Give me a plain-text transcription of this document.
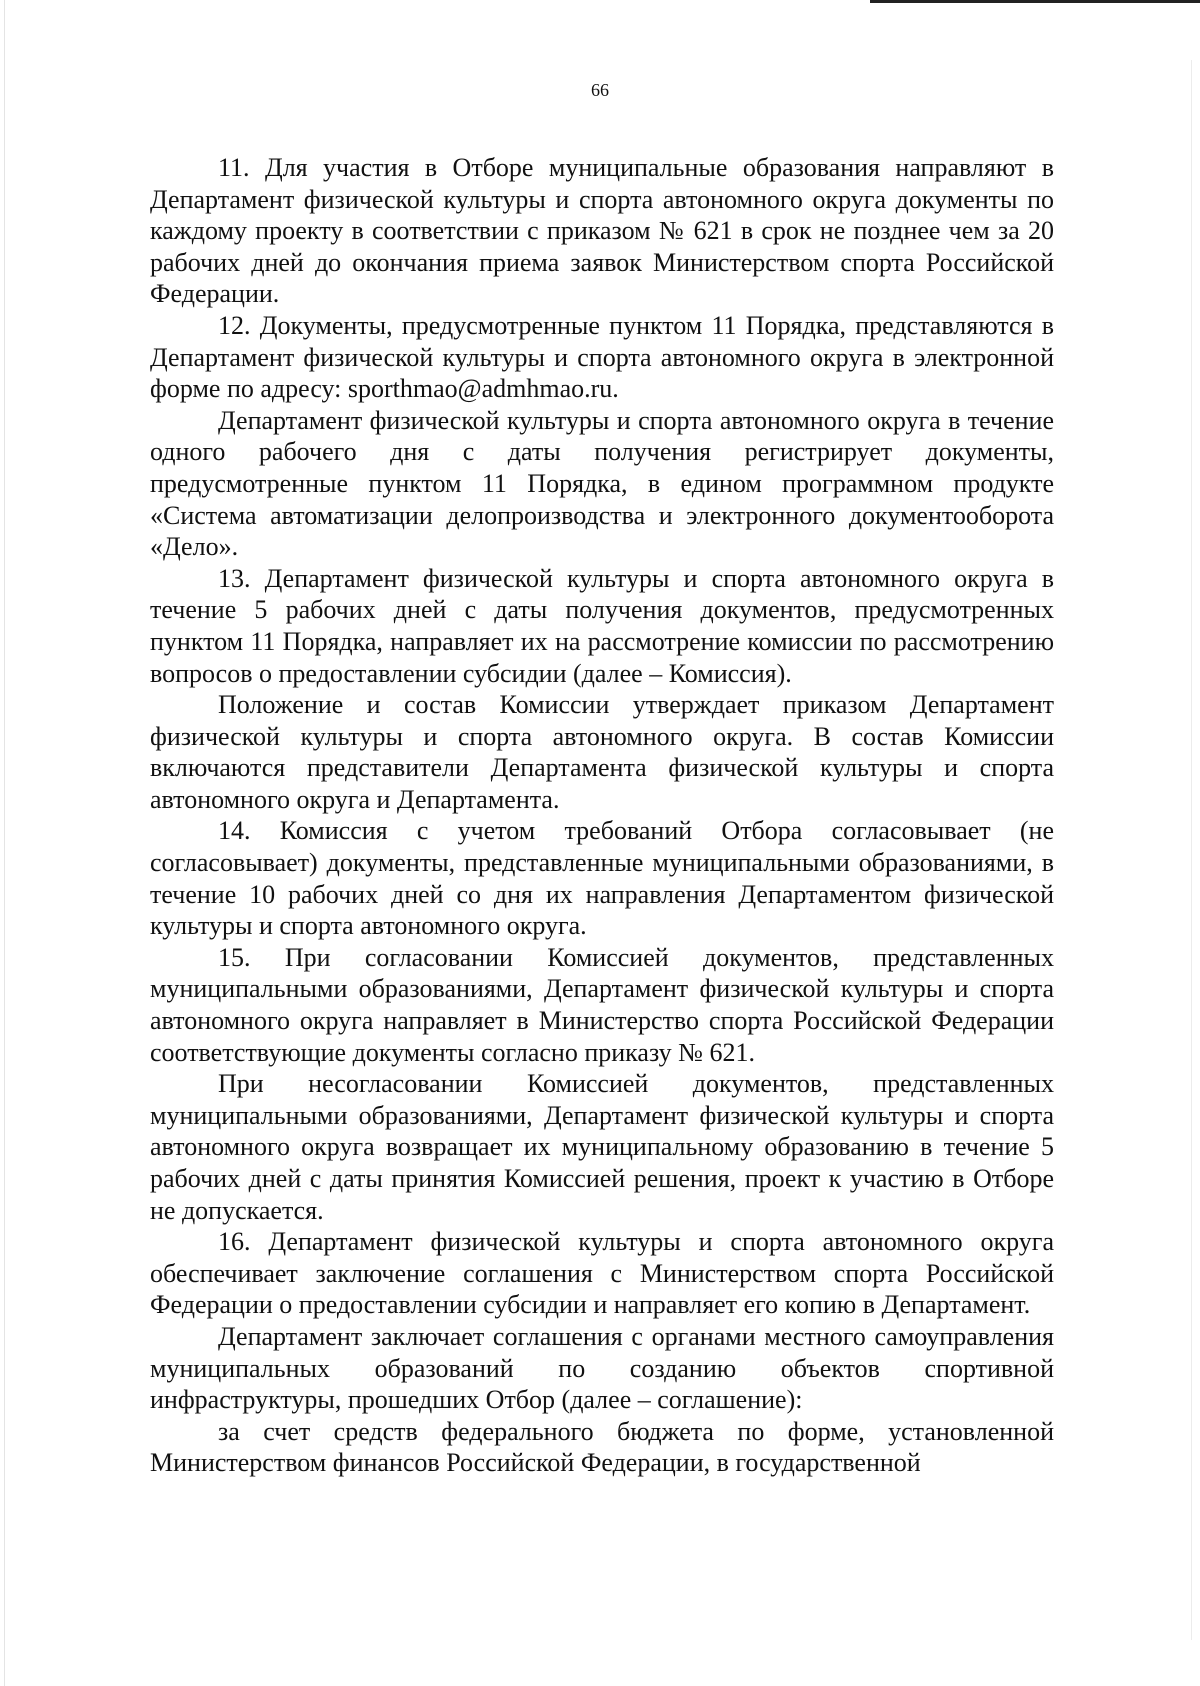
66

11. Для участия в Отборе муниципальные образования направляют в Департамент физической культуры и спорта автономного округа документы по каждому проекту в соответствии с приказом № 621 в срок не позднее чем за 20 рабочих дней до окончания приема заявок Министерством спорта Российской Федерации.

12. Документы, предусмотренные пунктом 11 Порядка, представляются в Департамент физической культуры и спорта автономного округа в электронной форме по адресу: sporthmao@admhmao.ru.

Департамент физической культуры и спорта автономного округа в течение одного рабочего дня с даты получения регистрирует документы, предусмотренные пунктом 11 Порядка, в едином программном продукте «Система автоматизации делопроизводства и электронного документооборота «Дело».

13. Департамент физической культуры и спорта автономного округа в течение 5 рабочих дней с даты получения документов, предусмотренных пунктом 11 Порядка, направляет их на рассмотрение комиссии по рассмотрению вопросов о предоставлении субсидии (далее – Комиссия).

Положение и состав Комиссии утверждает приказом Департамент физической культуры и спорта автономного округа. В состав Комиссии включаются представители Департамента физической культуры и спорта автономного округа и Департамента.

14. Комиссия с учетом требований Отбора согласовывает (не согласовывает) документы, представленные муниципальными образованиями, в течение 10 рабочих дней со дня их направления Департаментом физической культуры и спорта автономного округа.

15. При согласовании Комиссией документов, представленных муниципальными образованиями, Департамент физической культуры и спорта автономного округа направляет в Министерство спорта Российской Федерации соответствующие документы согласно приказу № 621.

При несогласовании Комиссией документов, представленных муниципальными образованиями, Департамент физической культуры и спорта автономного округа возвращает их муниципальному образованию в течение 5 рабочих дней с даты принятия Комиссией решения, проект к участию в Отборе не допускается.

16. Департамент физической культуры и спорта автономного округа обеспечивает заключение соглашения с Министерством спорта Российской Федерации о предоставлении субсидии и направляет его копию в Департамент.

Департамент заключает соглашения с органами местного самоуправления муниципальных образований по созданию объектов спортивной инфраструктуры, прошедших Отбор (далее – соглашение):

за счет средств федерального бюджета по форме, установленной Министерством финансов Российской Федерации, в государственной
